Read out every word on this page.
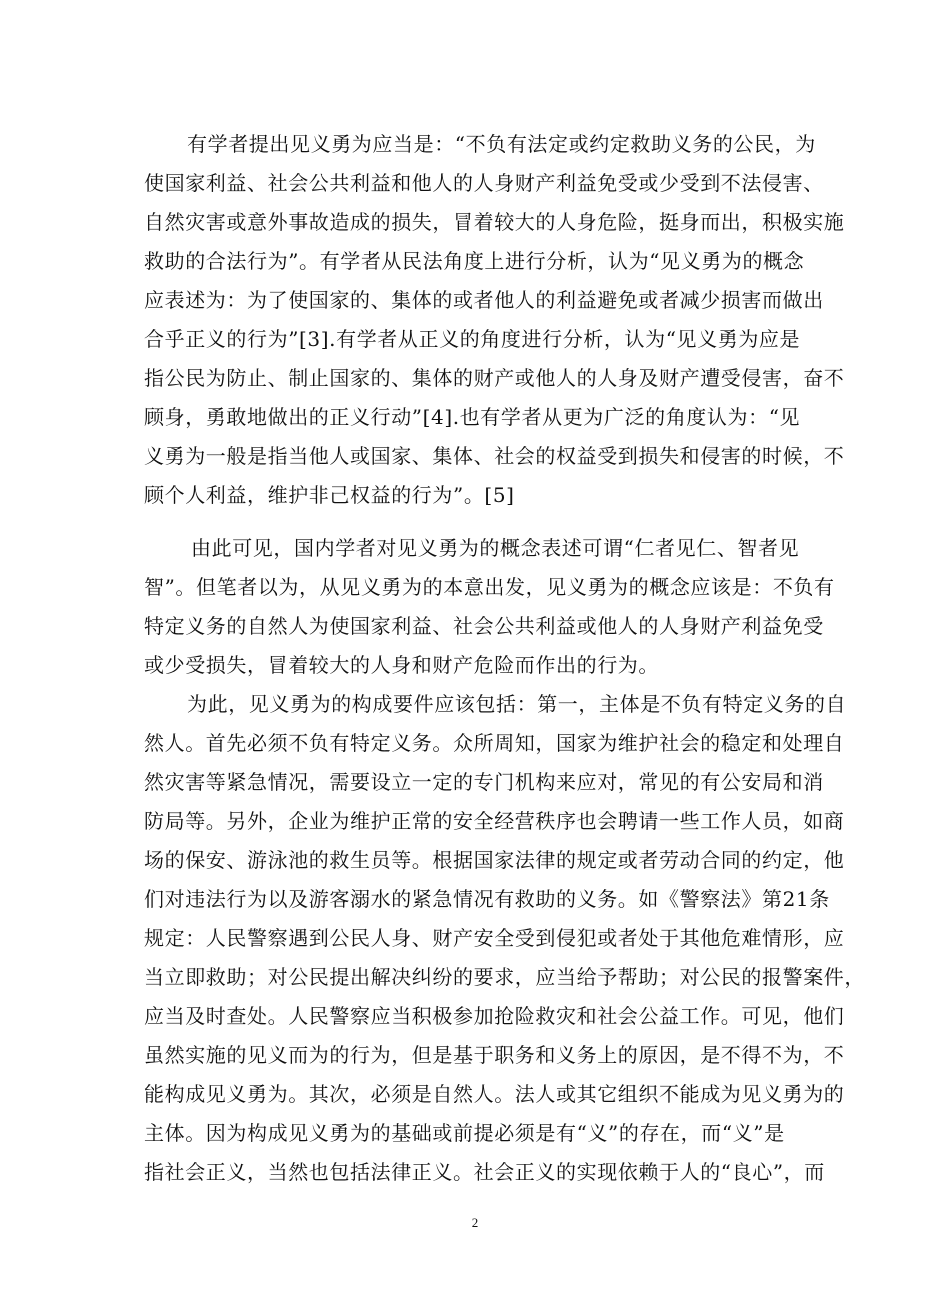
有学者提出见义勇为应当是：“不负有法定或约定救助义务的公民，为
使国家利益、社会公共利益和他人的人身财产利益免受或少受到不法侵害、
自然灾害或意外事故造成的损失，冒着较大的人身危险，挺身而出，积极实施
救助的合法行为”。有学者从民法角度上进行分析，认为“见义勇为的概念
应表述为：为了使国家的、集体的或者他人的利益避免或者减少损害而做出
合乎正义的行为”[3].有学者从正义的角度进行分析，认为“见义勇为应是
指公民为防止、制止国家的、集体的财产或他人的人身及财产遭受侵害，奋不
顾身，勇敢地做出的正义行动”[4].也有学者从更为广泛的角度认为：“见
义勇为一般是指当他人或国家、集体、社会的权益受到损失和侵害的时候，不
顾个人利益，维护非己权益的行为”。[5]
由此可见，国内学者对见义勇为的概念表述可谓“仁者见仁、智者见
智”。但笔者以为，从见义勇为的本意出发，见义勇为的概念应该是：不负有
特定义务的自然人为使国家利益、社会公共利益或他人的人身财产利益免受
或少受损失，冒着较大的人身和财产危险而作出的行为。
为此，见义勇为的构成要件应该包括：第一，主体是不负有特定义务的自
然人。首先必须不负有特定义务。众所周知，国家为维护社会的稳定和处理自
然灾害等紧急情况，需要设立一定的专门机构来应对，常见的有公安局和消
防局等。另外，企业为维护正常的安全经营秩序也会聘请一些工作人员，如商
场的保安、游泳池的救生员等。根据国家法律的规定或者劳动合同的约定，他
们对违法行为以及游客溺水的紧急情况有救助的义务。如《警察法》第21条
规定：人民警察遇到公民人身、财产安全受到侵犯或者处于其他危难情形，应
当立即救助；对公民提出解决纠纷的要求，应当给予帮助；对公民的报警案件，
应当及时查处。人民警察应当积极参加抢险救灾和社会公益工作。可见，他们
虽然实施的见义而为的行为，但是基于职务和义务上的原因，是不得不为，不
能构成见义勇为。其次，必须是自然人。法人或其它组织不能成为见义勇为的
主体。因为构成见义勇为的基础或前提必须是有“义”的存在，而“义”是
指社会正义，当然也包括法律正义。社会正义的实现依赖于人的“良心”，而
2
